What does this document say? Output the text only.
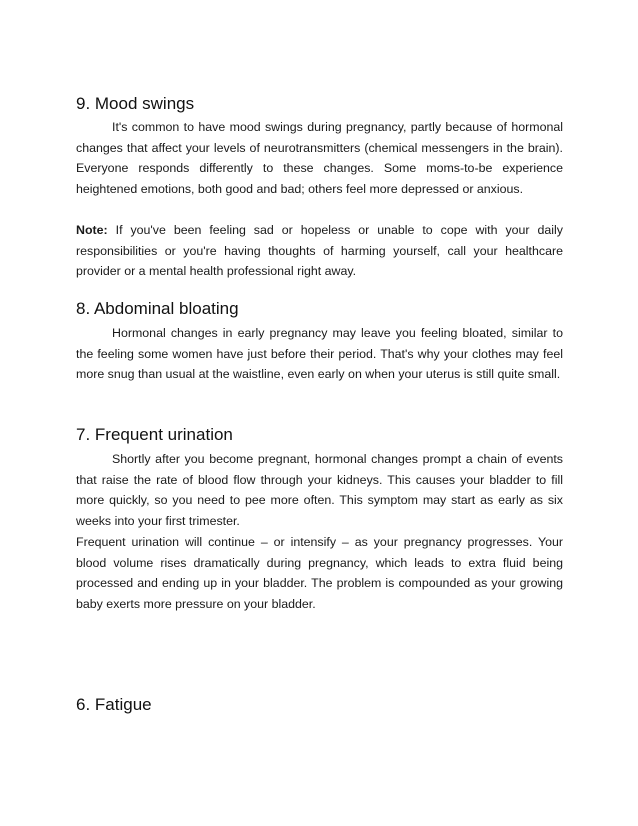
9. Mood swings
It's common to have mood swings during pregnancy, partly because of hormonal changes that affect your levels of neurotransmitters (chemical messengers in the brain). Everyone responds differently to these changes. Some moms-to-be experience heightened emotions, both good and bad; others feel more depressed or anxious.
Note: If you've been feeling sad or hopeless or unable to cope with your daily responsibilities or you're having thoughts of harming yourself, call your healthcare provider or a mental health professional right away.
8. Abdominal bloating
Hormonal changes in early pregnancy may leave you feeling bloated, similar to the feeling some women have just before their period. That's why your clothes may feel more snug than usual at the waistline, even early on when your uterus is still quite small.
7. Frequent urination
Shortly after you become pregnant, hormonal changes prompt a chain of events that raise the rate of blood flow through your kidneys. This causes your bladder to fill more quickly, so you need to pee more often. This symptom may start as early as six weeks into your first trimester.
Frequent urination will continue – or intensify – as your pregnancy progresses. Your blood volume rises dramatically during pregnancy, which leads to extra fluid being processed and ending up in your bladder. The problem is compounded as your growing baby exerts more pressure on your bladder.
6. Fatigue
